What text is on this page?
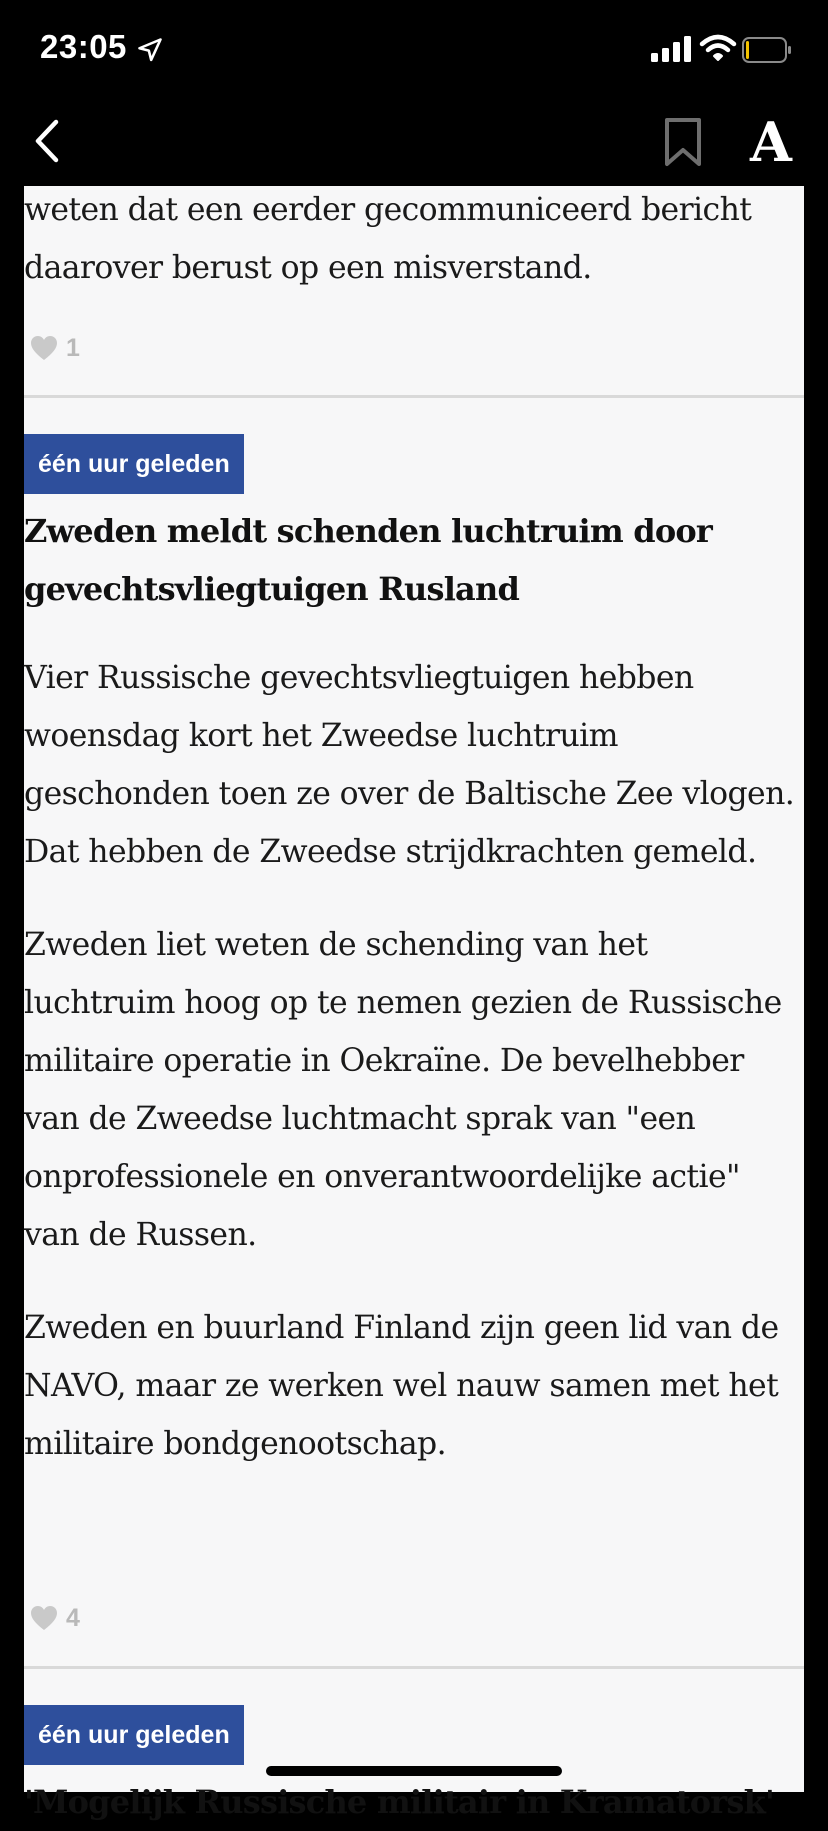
23:05
A

weten dat een eerder gecommuniceerd bericht daarover berust op een misverstand.

1
één uur geleden
Zweden meldt schenden luchtruim door gevechtsvliegtuigen Rusland

Vier Russische gevechtsvliegtuigen hebben woensdag kort het Zweedse luchtruim geschonden toen ze over de Baltische Zee vlogen. Dat hebben de Zweedse strijdkrachten gemeld.

Zweden liet weten de schending van het luchtruim hoog op te nemen gezien de Russische militaire operatie in Oekraïne. De bevelhebber van de Zweedse luchtmacht sprak van "een onprofessionele en onverantwoordelijke actie" van de Russen.

Zweden en buurland Finland zijn geen lid van de NAVO, maar ze werken wel nauw samen met het militaire bondgenootschap.

4
één uur geleden
'Mogelijk Russische militair in Kramatorsk'
